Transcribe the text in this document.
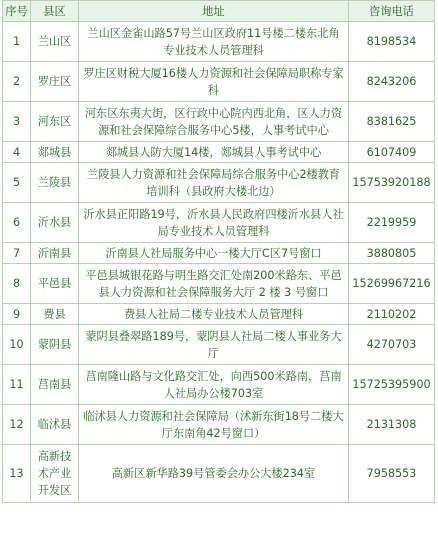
序号	县区	地址	咨询电话
1	兰山区	兰山区金雀山路57号兰山区政府11号楼二楼东北角专业技术人员管理科	8198534
2	罗庄区	罗庄区财税大厦16楼人力资源和社会保障局职称专家科	8243206
3	河东区	河东区东夷大街，区行政中心院内西北角，区人力资源和社会保障综合服务中心5楼，人事考试中心	8381625
4	郯城县	郯城县人防大厦14楼，郯城县人事考试中心	6107409
5	兰陵县	兰陵县人力资源和社会保障局综合服务中心2楼教育培训科（县政府大楼北边）	15753920188
6	沂水县	沂水县正阳路19号，沂水县人民政府四楼沂水县人社局专业技术人员管理科	2219959
7	沂南县	沂南县人社局服务中心一楼大厅C区7号窗口	3880805
8	平邑县	平邑县城银花路与明生路交汇处南200米路东、平邑县人力资源和社会保障服务大厅 2 楼 3 号窗口	15269967216
9	费县	费县人社局二楼专业技术人员管理科	2110202
10	蒙阴县	蒙阴县叠翠路189号，蒙阴县人社局二楼人事业务大厅	4270703
11	莒南县	莒南隆山路与文化路交汇处，向西500米路南，莒南人社局办公楼703室	15725395900
12	临沭县	临沭县人力资源和社会保障局（沭新东街18号二楼大厅东南角42号窗口）	2131308
13	高新技术产业开发区	高新区新华路39号管委会办公大楼234室	7958553
